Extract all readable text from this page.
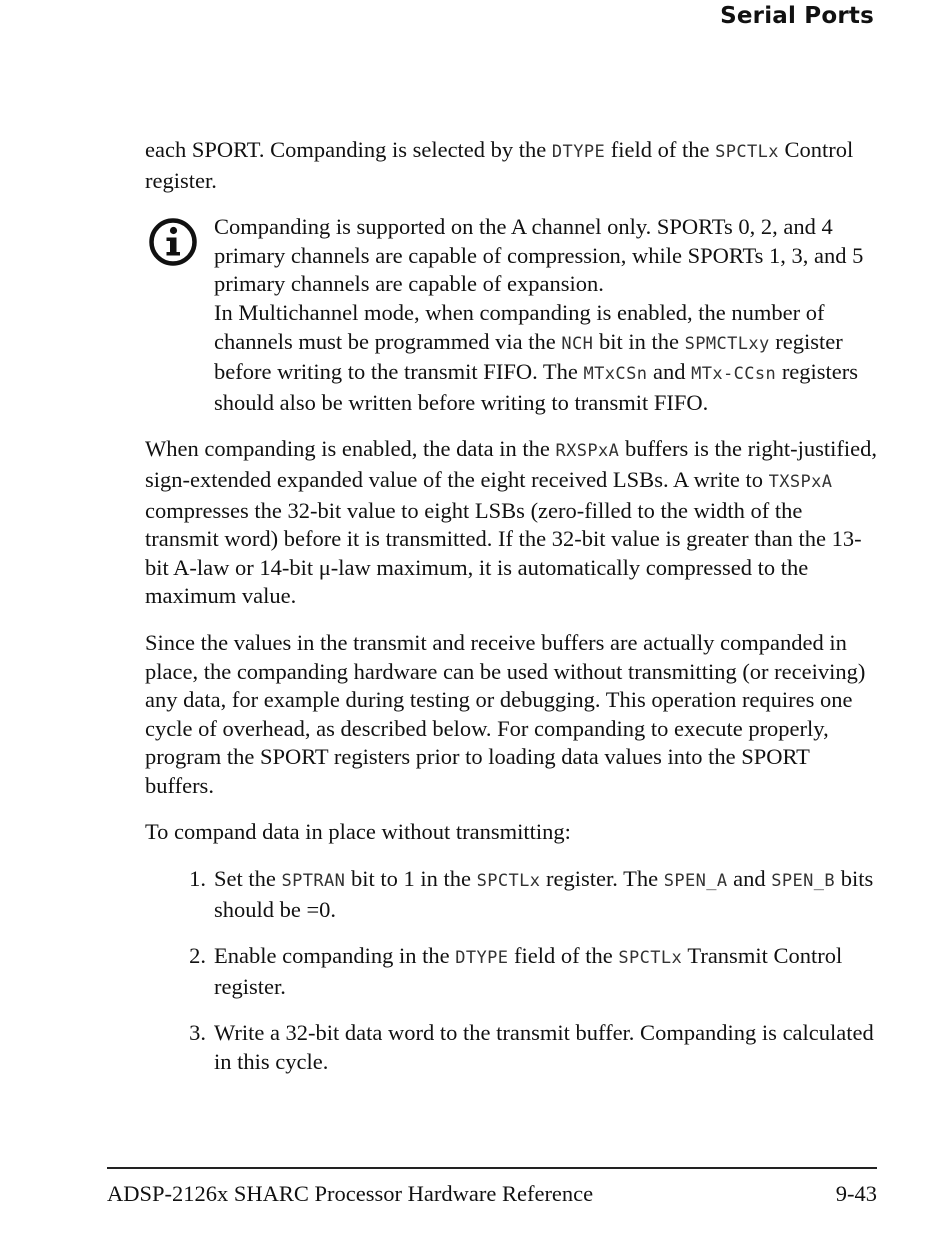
Serial Ports

each SPORT. Companding is selected by the DTYPE field of the SPCTLx Control register.

Companding is supported on the A channel only. SPORTs 0, 2, and 4 primary channels are capable of compression, while SPORTs 1, 3, and 5 primary channels are capable of expansion.

In Multichannel mode, when companding is enabled, the number of channels must be programmed via the NCH bit in the SPMCTLxy register before writing to the transmit FIFO. The MTxCSn and MTx-CCsn registers should also be written before writing to transmit FIFO.

When companding is enabled, the data in the RXSPxA buffers is the right-justified, sign-extended expanded value of the eight received LSBs. A write to TXSPxA compresses the 32-bit value to eight LSBs (zero-filled to the width of the transmit word) before it is transmitted. If the 32-bit value is greater than the 13-bit A-law or 14-bit μ-law maximum, it is automatically compressed to the maximum value.

Since the values in the transmit and receive buffers are actually companded in place, the companding hardware can be used without transmitting (or receiving) any data, for example during testing or debugging. This operation requires one cycle of overhead, as described below. For companding to execute properly, program the SPORT registers prior to loading data values into the SPORT buffers.

To compand data in place without transmitting:

1. Set the SPTRAN bit to 1 in the SPCTLx register. The SPEN_A and SPEN_B bits should be =0.
2. Enable companding in the DTYPE field of the SPCTLx Transmit Control register.
3. Write a 32-bit data word to the transmit buffer. Companding is calculated in this cycle.
ADSP-2126x SHARC Processor Hardware Reference	9-43
